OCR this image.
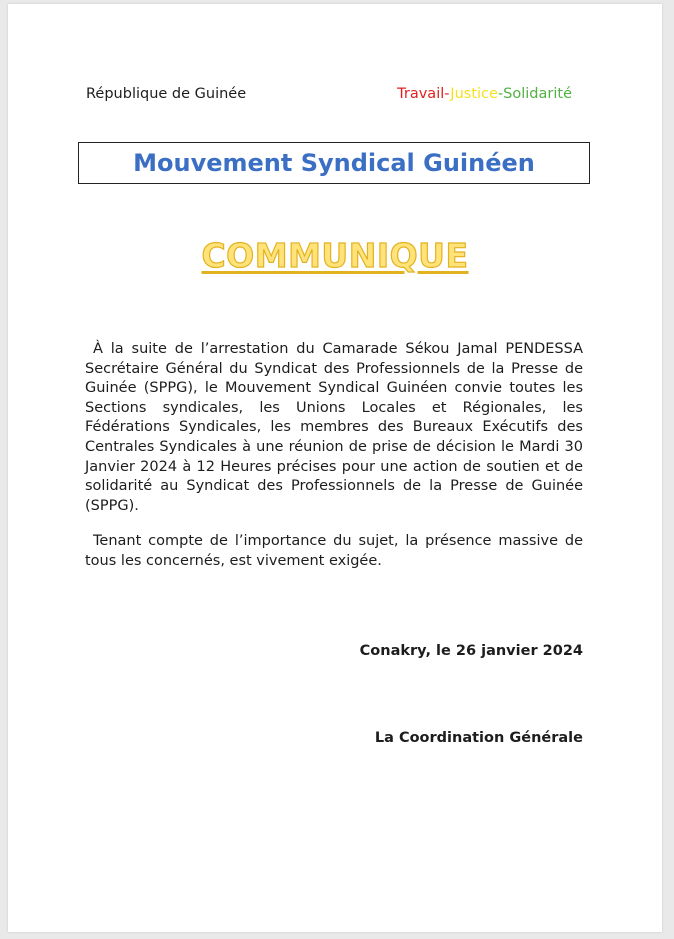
République de Guinée	Travail-Justice-Solidarité
Mouvement Syndical Guinéen
COMMUNIQUE
À la suite de l’arrestation du Camarade Sékou Jamal PENDESSA Secrétaire Général du Syndicat des Professionnels de la Presse de Guinée (SPPG), le Mouvement Syndical Guinéen convie toutes les Sections syndicales, les Unions Locales et Régionales, les Fédérations Syndicales, les membres des Bureaux Exécutifs des Centrales Syndicales à une réunion de prise de décision le Mardi 30 Janvier 2024 à 12 Heures précises pour une action de soutien et de solidarité au Syndicat des Professionnels de la Presse de Guinée (SPPG).
Tenant compte de l’importance du sujet, la présence massive de tous les concernés, est vivement exigée.
Conakry, le 26 janvier 2024
La Coordination Générale
